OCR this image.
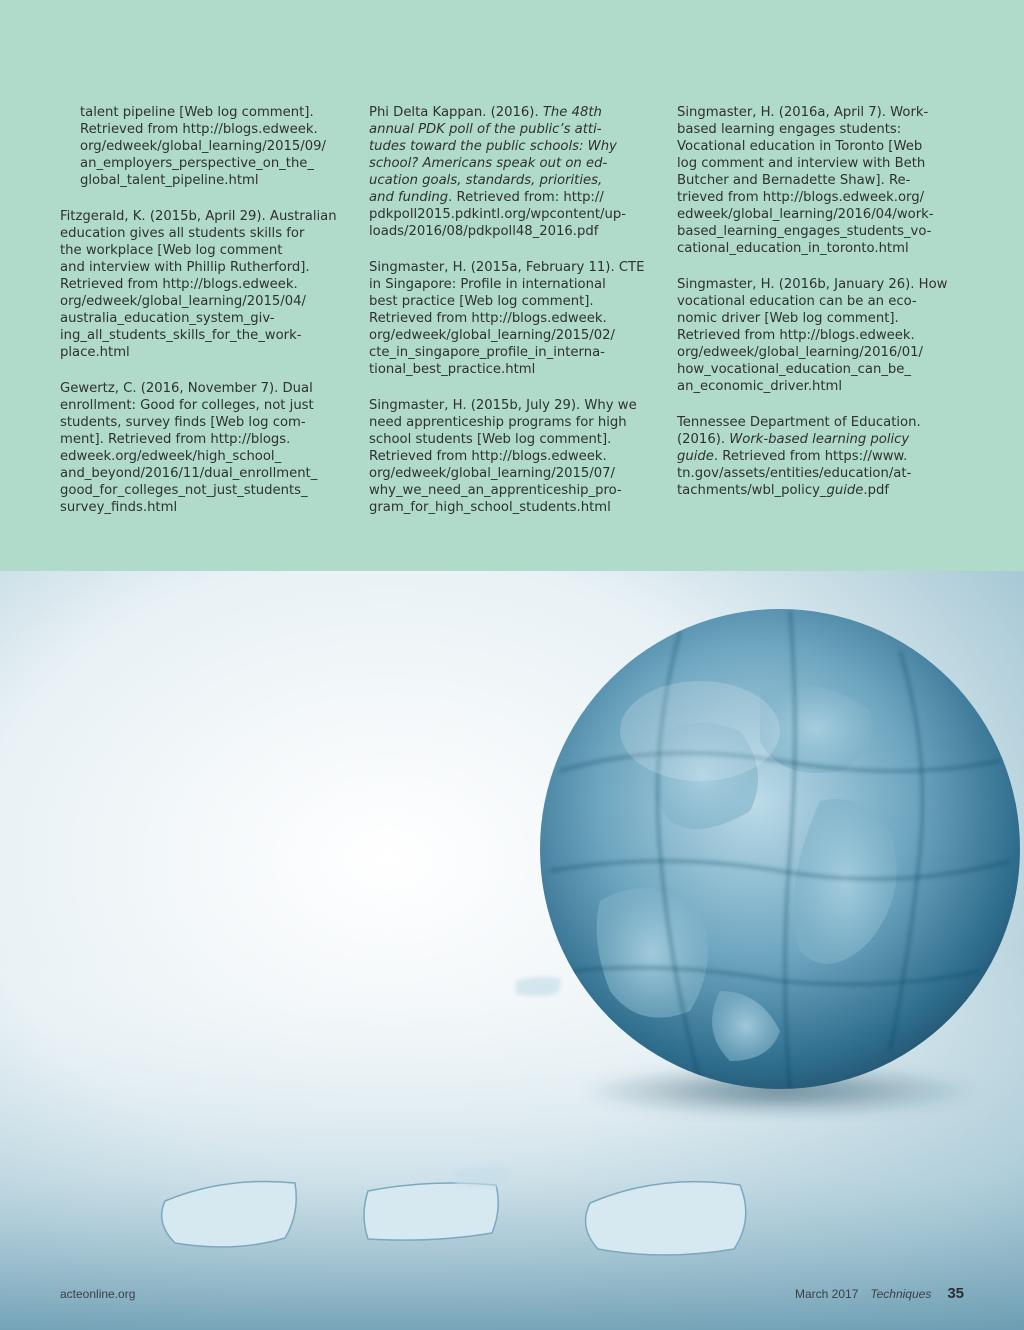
talent pipeline [Web log comment].
Retrieved from http://blogs.edweek.
org/edweek/global_learning/2015/09/
an_employers_perspective_on_the_
global_talent_pipeline.html
Fitzgerald, K. (2015b, April 29). Australian
education gives all students skills for
the workplace [Web log comment
and interview with Phillip Rutherford].
Retrieved from http://blogs.edweek.
org/edweek/global_learning/2015/04/
australia_education_system_giv-
ing_all_students_skills_for_the_work-
place.html
Gewertz, C. (2016, November 7). Dual
enrollment: Good for colleges, not just
students, survey finds [Web log com-
ment]. Retrieved from http://blogs.
edweek.org/edweek/high_school_
and_beyond/2016/11/dual_enrollment_
good_for_colleges_not_just_students_
survey_finds.html
Phi Delta Kappan. (2016). The 48th
annual PDK poll of the public’s atti-
tudes toward the public schools: Why
school? Americans speak out on ed-
ucation goals, standards, priorities,
and funding. Retrieved from: http://
pdkpoll2015.pdkintl.org/wpcontent/up-
loads/2016/08/pdkpoll48_2016.pdf
Singmaster, H. (2015a, February 11). CTE
in Singapore: Profile in international
best practice [Web log comment].
Retrieved from http://blogs.edweek.
org/edweek/global_learning/2015/02/
cte_in_singapore_profile_in_interna-
tional_best_practice.html
Singmaster, H. (2015b, July 29). Why we
need apprenticeship programs for high
school students [Web log comment].
Retrieved from http://blogs.edweek.
org/edweek/global_learning/2015/07/
why_we_need_an_apprenticeship_pro-
gram_for_high_school_students.html
Singmaster, H. (2016a, April 7). Work-
based learning engages students:
Vocational education in Toronto [Web
log comment and interview with Beth
Butcher and Bernadette Shaw]. Re-
trieved from http://blogs.edweek.org/
edweek/global_learning/2016/04/work-
based_learning_engages_students_vo-
cational_education_in_toronto.html
Singmaster, H. (2016b, January 26). How
vocational education can be an eco-
nomic driver [Web log comment].
Retrieved from http://blogs.edweek.
org/edweek/global_learning/2016/01/
how_vocational_education_can_be_
an_economic_driver.html
Tennessee Department of Education.
(2016). Work-based learning policy
guide. Retrieved from https://www.
tn.gov/assets/entities/education/at-
tachments/wbl_policy_guide.pdf
acteonline.org	March 2017 Techniques 35
